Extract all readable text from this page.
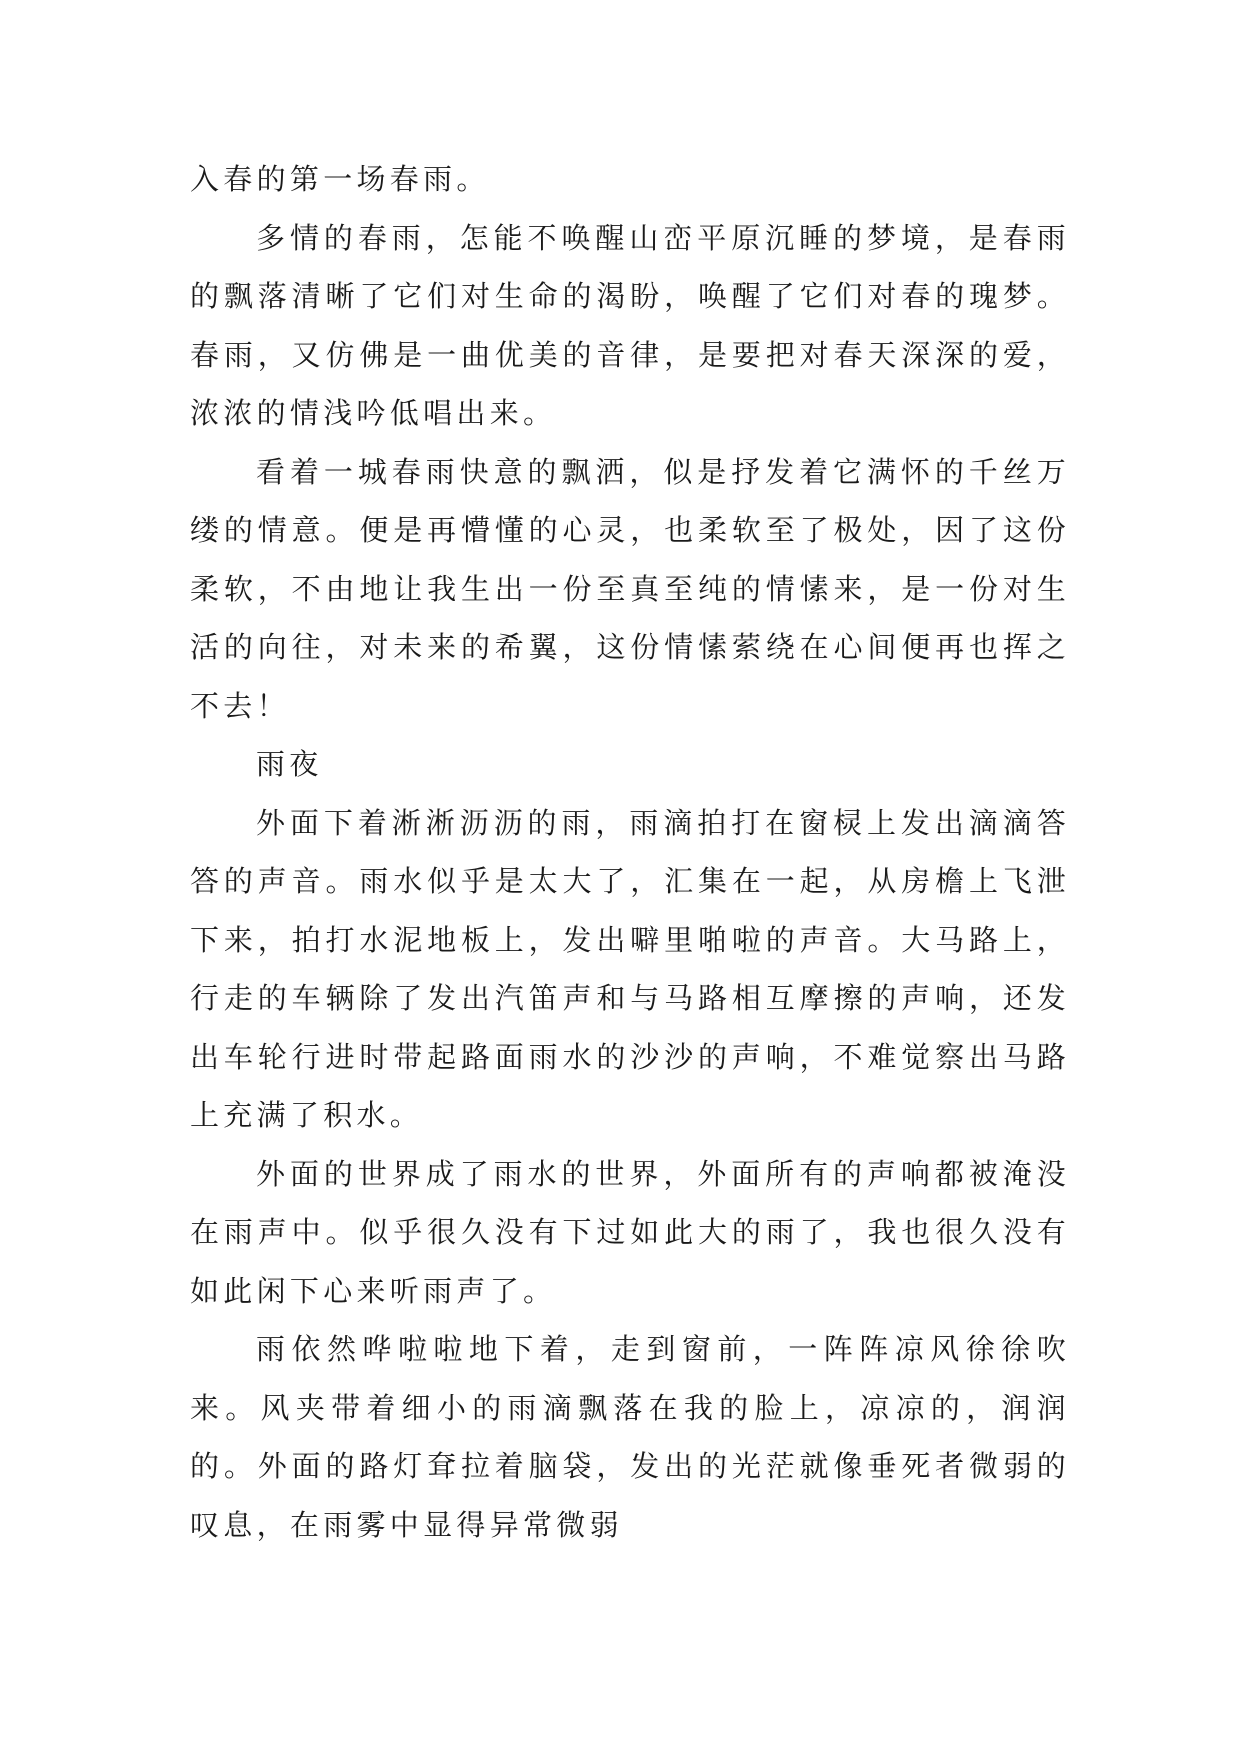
入春的第一场春雨。

多情的春雨，怎能不唤醒山峦平原沉睡的梦境，是春雨的飘落清晰了它们对生命的渴盼，唤醒了它们对春的瑰梦。春雨，又仿佛是一曲优美的音律，是要把对春天深深的爱，浓浓的情浅吟低唱出来。

看着一城春雨快意的飘洒，似是抒发着它满怀的千丝万缕的情意。便是再懵懂的心灵，也柔软至了极处，因了这份柔软，不由地让我生出一份至真至纯的情愫来，是一份对生活的向往，对未来的希翼，这份情愫萦绕在心间便再也挥之不去！

雨夜

外面下着淅淅沥沥的雨，雨滴拍打在窗棂上发出滴滴答答的声音。雨水似乎是太大了，汇集在一起，从房檐上飞泄下来，拍打水泥地板上，发出噼里啪啦的声音。大马路上，行走的车辆除了发出汽笛声和与马路相互摩擦的声响，还发出车轮行进时带起路面雨水的沙沙的声响，不难觉察出马路上充满了积水。

外面的世界成了雨水的世界，外面所有的声响都被淹没在雨声中。似乎很久没有下过如此大的雨了，我也很久没有如此闲下心来听雨声了。

雨依然哗啦啦地下着，走到窗前，一阵阵凉风徐徐吹来。风夹带着细小的雨滴飘落在我的脸上，凉凉的，润润的。外面的路灯耷拉着脑袋，发出的光茫就像垂死者微弱的叹息，在雨雾中显得异常微弱
